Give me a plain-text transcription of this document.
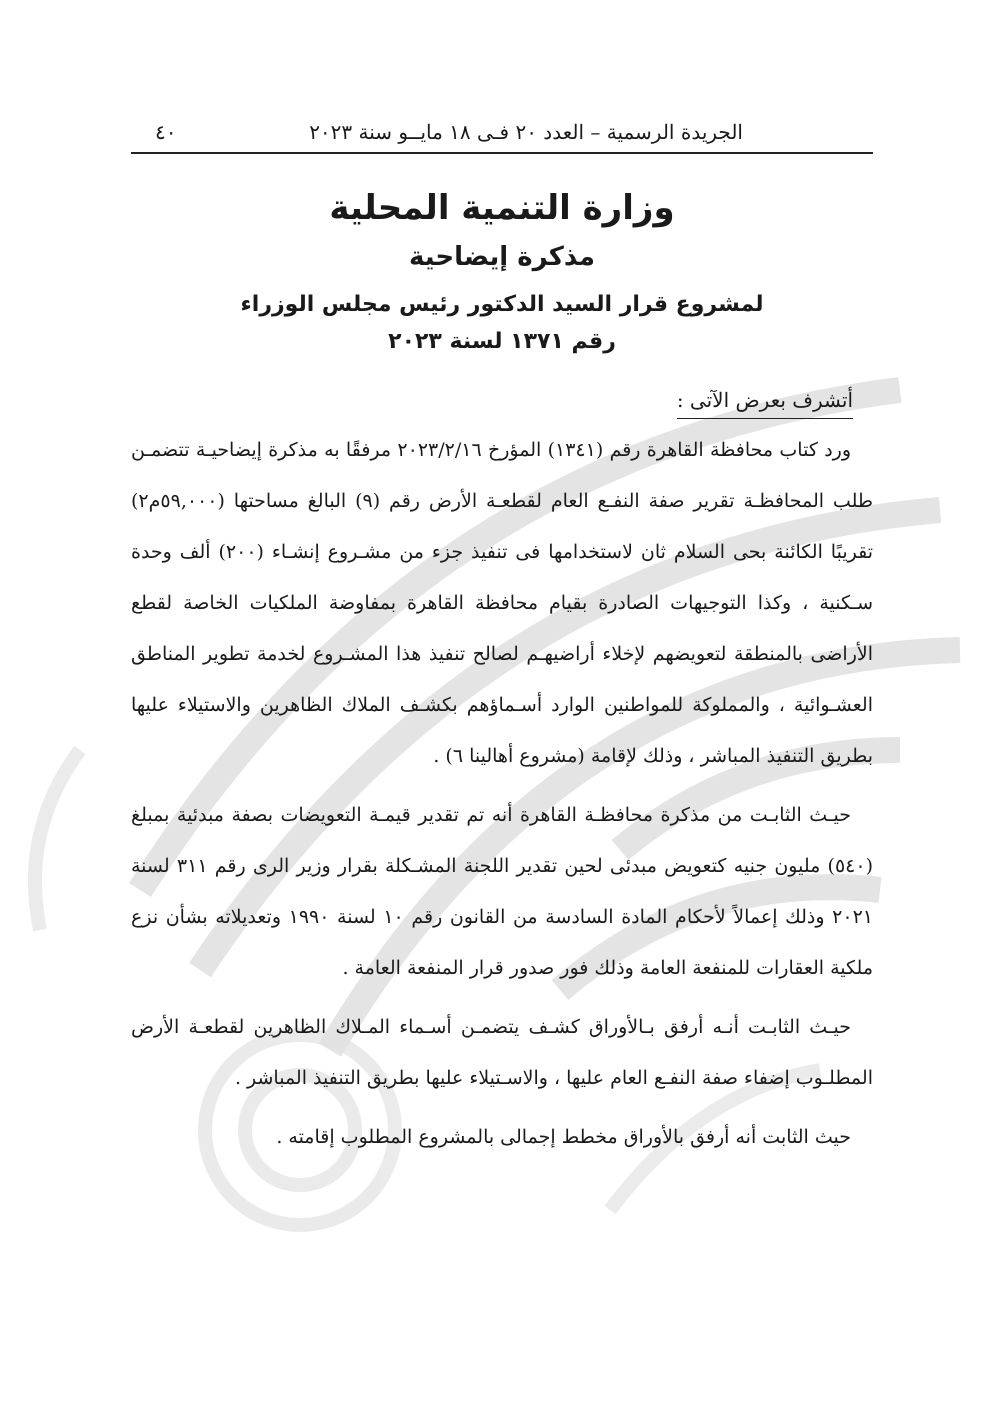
الجريدة الرسمية – العدد ٢٠ فـى ١٨ مايــو سنة ٢٠٢٣
٤٠
وزارة التنمية المحلية
مذكرة إيضاحية
لمشروع قرار السيد الدكتور رئيس مجلس الوزراء
رقم ١٣٧١ لسنة ٢٠٢٣
أتشرف بعرض الآتى :

ورد كتاب محافظة القاهرة رقم (١٣٤١) المؤرخ ٢٠٢٣/٢/١٦ مرفقًا به مذكرة إيضاحيـة تتضمـن طلب المحافظـة تقرير صفة النفـع العام لقطعـة الأرض رقم (٩) البالغ مساحتها (٥٩,٠٠٠م٢) تقريبًا الكائنة بحى السلام ثان لاستخدامها فى تنفيذ جزء من مشـروع إنشـاء (٢٠٠) ألف وحدة سـكنية ، وكذا التوجيهات الصادرة بقيام محافظة القاهرة بمفاوضة الملكيات الخاصة لقطع الأراضى بالمنطقة لتعويضهم لإخلاء أراضيهـم لصالح تنفيذ هذا المشـروع لخدمة تطوير المناطق العشـوائية ، والمملوكة للمواطنين الوارد أسـماؤهم بكشـف الملاك الظاهرين والاستيلاء عليها بطريق التنفيذ المباشر ، وذلك لإقامة (مشروع أهالينا ٦) .

حيـث الثابـت من مذكرة محافظـة القاهرة أنه تم تقدير قيمـة التعويضات بصفة مبدئية بمبلغ (٥٤٠) مليون جنيه كتعويض مبدئى لحين تقدير اللجنة المشـكلة بقرار وزير الرى رقم ٣١١ لسنة ٢٠٢١ وذلك إعمالاً لأحكام المادة السادسة من القانون رقم ١٠ لسنة ١٩٩٠ وتعديلاته بشأن نزع ملكية العقارات للمنفعة العامة وذلك فور صدور قرار المنفعة العامة .

حيـث الثابـت أنـه أرفق بـالأوراق كشـف يتضمـن أسـماء المـلاك الظاهرين لقطعـة الأرض المطلـوب إضفاء صفة النفـع العام عليها ، والاسـتيلاء عليها بطريق التنفيذ المباشر .

حيث الثابت أنه أرفق بالأوراق مخطط إجمالى بالمشروع المطلوب إقامته .
